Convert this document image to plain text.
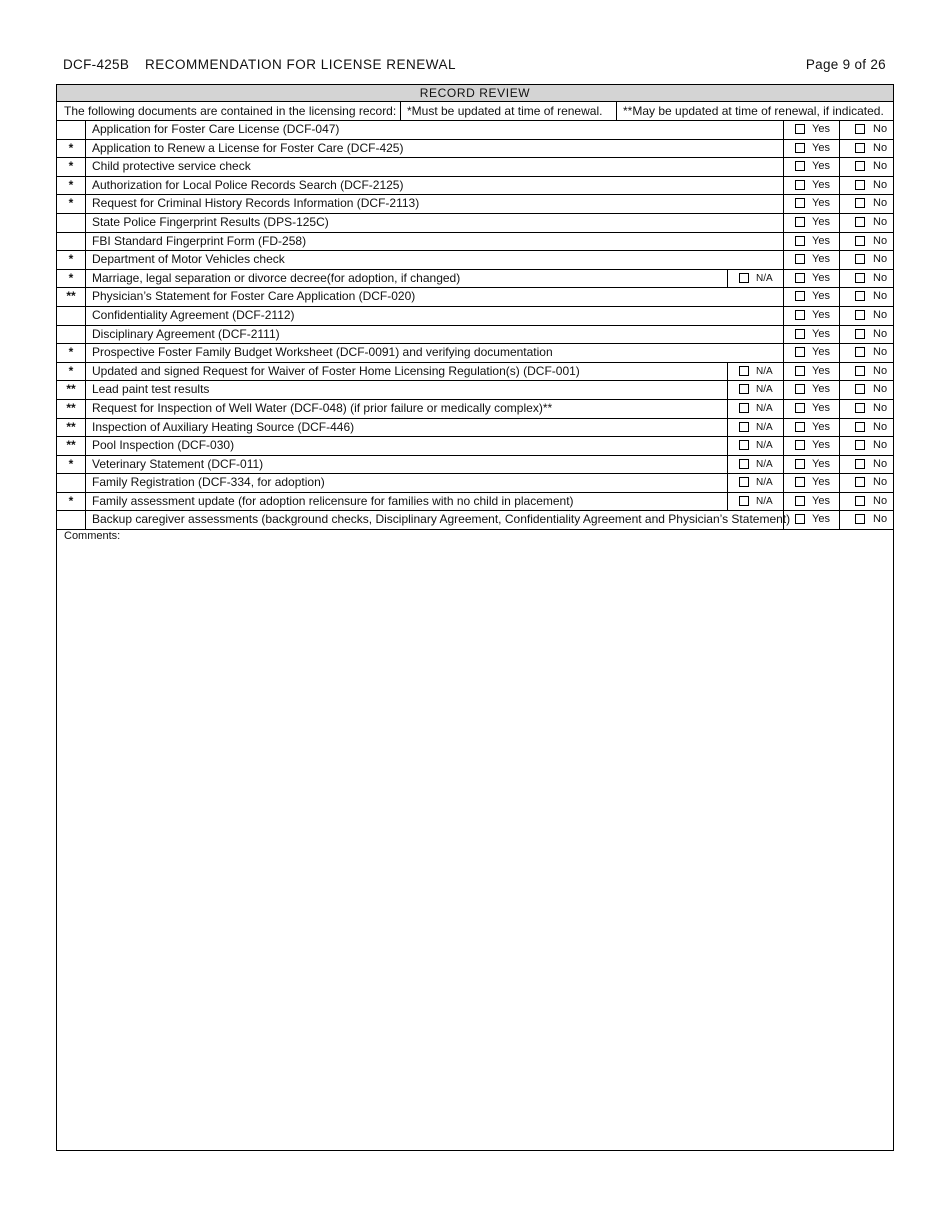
DCF-425B RECOMMENDATION FOR LICENSE RENEWAL	Page 9 of 26
RECORD REVIEW
The following documents are contained in the licensing record: *Must be updated at time of renewal. **May be updated at time of renewal, if indicated.
Application for Foster Care License (DCF-047)	Yes	No
*	Application to Renew a License for Foster Care (DCF-425)	Yes	No
*	Child protective service check	Yes	No
*	Authorization for Local Police Records Search (DCF-2125)	Yes	No
*	Request for Criminal History Records Information (DCF-2113)	Yes	No
State Police Fingerprint Results (DPS-125C)	Yes	No
FBI Standard Fingerprint Form (FD-258)	Yes	No
*	Department of Motor Vehicles check	Yes	No
*	Marriage, legal separation or divorce decree(for adoption, if changed)	N/A	Yes	No
**	Physician’s Statement for Foster Care Application (DCF-020)	Yes	No
Confidentiality Agreement (DCF-2112)	Yes	No
Disciplinary Agreement (DCF-2111)	Yes	No
*	Prospective Foster Family Budget Worksheet (DCF-0091) and verifying documentation	Yes	No
*	Updated and signed Request for Waiver of Foster Home Licensing Regulation(s) (DCF-001)	N/A	Yes	No
**	Lead paint test results	N/A	Yes	No
**	Request for Inspection of Well Water (DCF-048) (if prior failure or medically complex)**	N/A	Yes	No
**	Inspection of Auxiliary Heating Source (DCF-446)	N/A	Yes	No
**	Pool Inspection (DCF-030)	N/A	Yes	No
*	Veterinary Statement (DCF-011)	N/A	Yes	No
Family Registration (DCF-334, for adoption)	N/A	Yes	No
*	Family assessment update (for adoption relicensure for families with no child in placement)	N/A	Yes	No
Backup caregiver assessments (background checks, Disciplinary Agreement, Confidentiality Agreement and Physician’s Statement) Yes	No
Comments:
